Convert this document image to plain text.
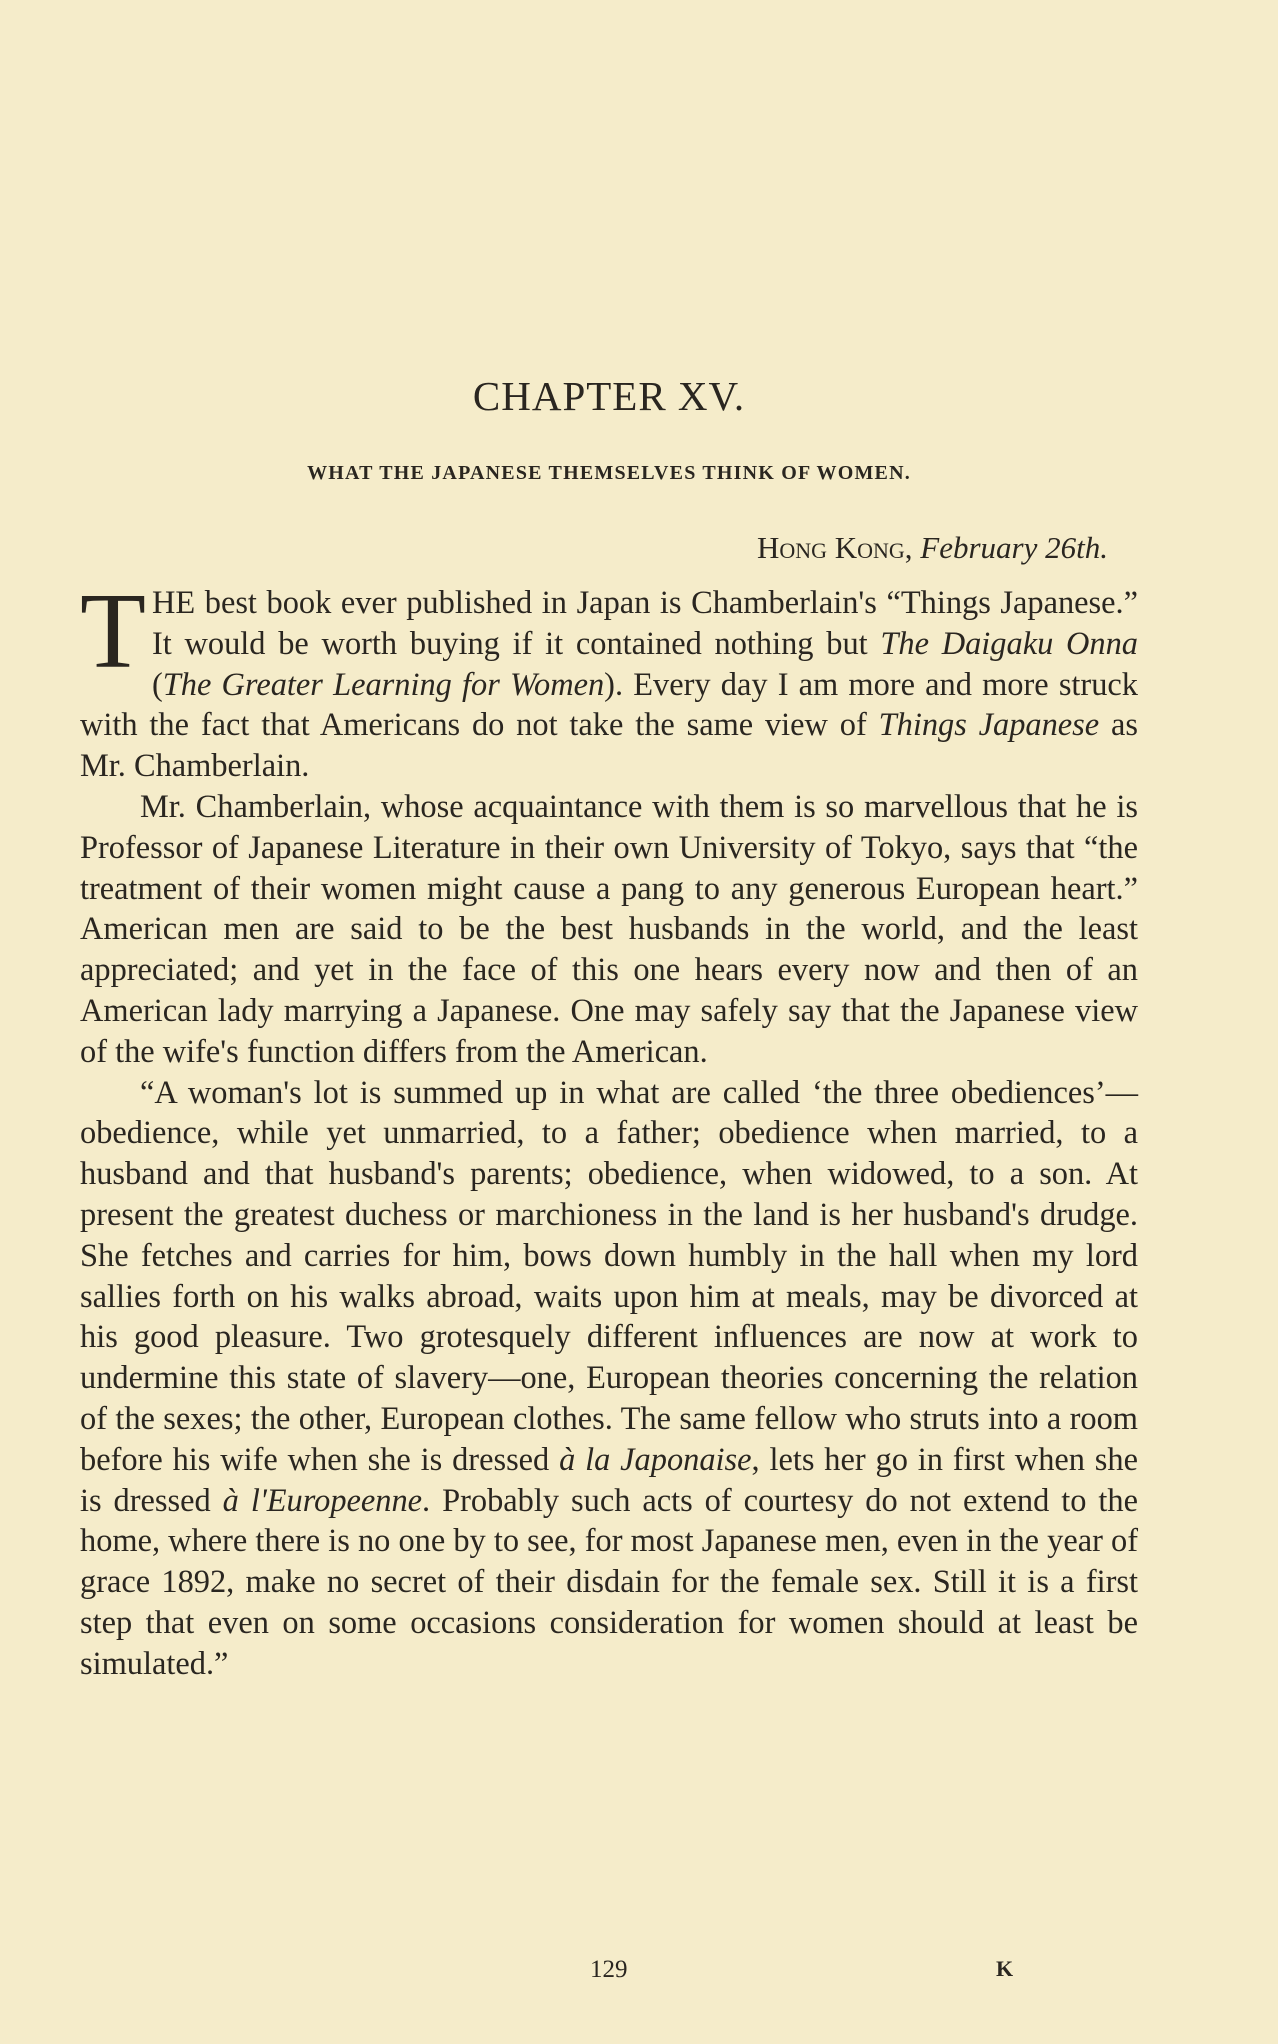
CHAPTER XV.
WHAT THE JAPANESE THEMSELVES THINK OF WOMEN.
Hong Kong, February 26th.

THE best book ever published in Japan is Chamberlain's “Things Japanese.” It would be worth buying if it contained nothing but The Daigaku Onna (The Greater Learning for Women). Every day I am more and more struck with the fact that Americans do not take the same view of Things Japanese as Mr. Chamberlain.

Mr. Chamberlain, whose acquaintance with them is so marvellous that he is Professor of Japanese Literature in their own University of Tokyo, says that “the treatment of their women might cause a pang to any generous European heart.” American men are said to be the best husbands in the world, and the least appreciated; and yet in the face of this one hears every now and then of an American lady marrying a Japanese. One may safely say that the Japanese view of the wife's function differs from the American.

“A woman's lot is summed up in what are called ‘the three obediences’—obedience, while yet unmarried, to a father; obedience when married, to a husband and that husband's parents; obedience, when widowed, to a son. At present the greatest duchess or marchioness in the land is her husband's drudge. She fetches and carries for him, bows down humbly in the hall when my lord sallies forth on his walks abroad, waits upon him at meals, may be divorced at his good pleasure. Two grotesquely different influences are now at work to undermine this state of slavery—one, European theories concerning the relation of the sexes; the other, European clothes. The same fellow who struts into a room before his wife when she is dressed à la Japonaise, lets her go in first when she is dressed à l'Europeenne. Probably such acts of courtesy do not extend to the home, where there is no one by to see, for most Japanese men, even in the year of grace 1892, make no secret of their disdain for the female sex. Still it is a first step that even on some occasions consideration for women should at least be simulated.”

129	K
